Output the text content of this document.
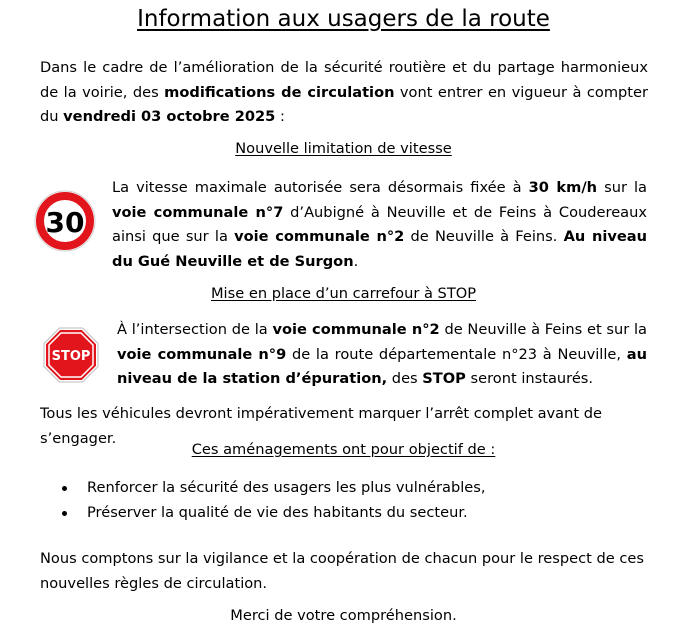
Information aux usagers de la route

Dans le cadre de l’amélioration de la sécurité routière et du partage harmonieux de la voirie, des modifications de circulation vont entrer en vigueur à compter du vendredi 03 octobre 2025 :

Nouvelle limitation de vitesse

30

La vitesse maximale autorisée sera désormais fixée à 30 km/h sur la voie communale n°7 d’Aubigné à Neuville et de Feins à Coudereaux ainsi que sur la voie communale n°2 de Neuville à Feins. Au niveau du Gué Neuville et de Surgon.

Mise en place d’un carrefour à STOP

STOP

À l’intersection de la voie communale n°2 de Neuville à Feins et sur la voie communale n°9 de la route départementale n°23 à Neuville, au niveau de la station d’épuration, des STOP seront instaurés.

Tous les véhicules devront impérativement marquer l’arrêt complet avant de s’engager.

Ces aménagements ont pour objectif de :

Renforcer la sécurité des usagers les plus vulnérables,
Préserver la qualité de vie des habitants du secteur.

Nous comptons sur la vigilance et la coopération de chacun pour le respect de ces nouvelles règles de circulation.

Merci de votre compréhension.
